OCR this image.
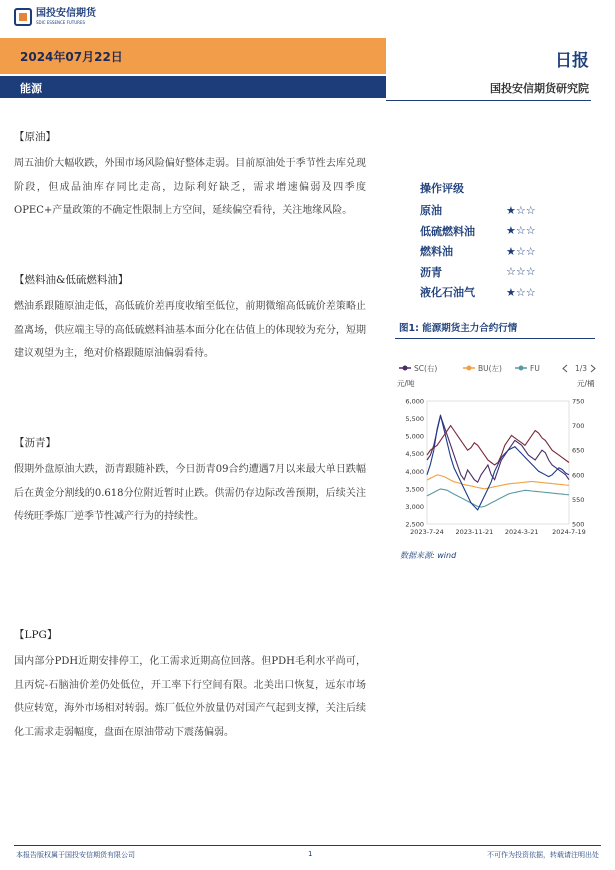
国投安信期货
SDIC ESSENCE FUTURES
2024年07月22日	日报
能源	国投安信期货研究院
【原油】
周五油价大幅收跌，外围市场风险偏好整体走弱。目前原油处于季节性去库兑现阶段，但成品油库存同比走高，边际利好缺乏，需求增速偏弱及四季度OPEC+产量政策的不确定性限制上方空间，延续偏空看待，关注地缘风险。
【燃料油&低硫燃料油】
燃油系跟随原油走低，高低硫价差再度收缩至低位，前期微缩高低硫价差策略止盈离场，供应端主导的高低硫燃料油基本面分化在估值上的体现较为充分，短期建议观望为主，绝对价格跟随原油偏弱看待。
【沥青】
假期外盘原油大跌，沥青跟随补跌，今日沥青09合约遭遇7月以来最大单日跌幅后在黄金分割线的0.618分位附近暂时止跌。供需仍存边际改善预期，后续关注传统旺季炼厂逆季节性减产行为的持续性。
【LPG】
国内部分PDH近期安排停工，化工需求近期高位回落。但PDH毛利水平尚可，且丙烷-石脑油价差仍处低位，开工率下行空间有限。北美出口恢复，远东市场供应转宽，海外市场相对转弱。炼厂低位外放量仍对国产气起到支撑，关注后续化工需求走弱幅度，盘面在原油带动下震荡偏弱。
操作评级
原油	★☆☆
低硫燃料油	★☆☆
燃料油	★☆☆
沥青	☆☆☆
液化石油气	★☆☆
图1: 能源期货主力合约行情
SC(右)	BU(左)	FU	1/3
元/吨	元/桶
6,000
5,500
5,000
4,500
4,000
3,500
3,000
2,500
750
700
650
600
550
500
2023-7-24 2023-11-21 2024-3-21 2024-7-19
数据来源: wind
本报告版权属于国投安信期货有限公司	1	不可作为投资依据，转载请注明出处
